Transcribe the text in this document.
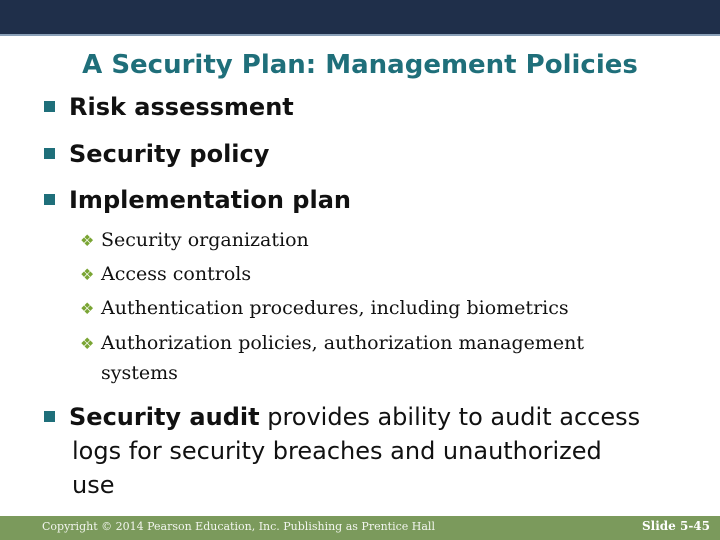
A Security Plan: Management Policies
Risk assessment
Security policy
Implementation plan
❖ Security organization
❖ Access controls
❖ Authentication procedures, including biometrics
❖ Authorization policies, authorization management
systems
Security audit provides ability to audit access
logs for security breaches and unauthorized
use
Copyright © 2014 Pearson Education, Inc. Publishing as Prentice Hall	Slide 5-45
